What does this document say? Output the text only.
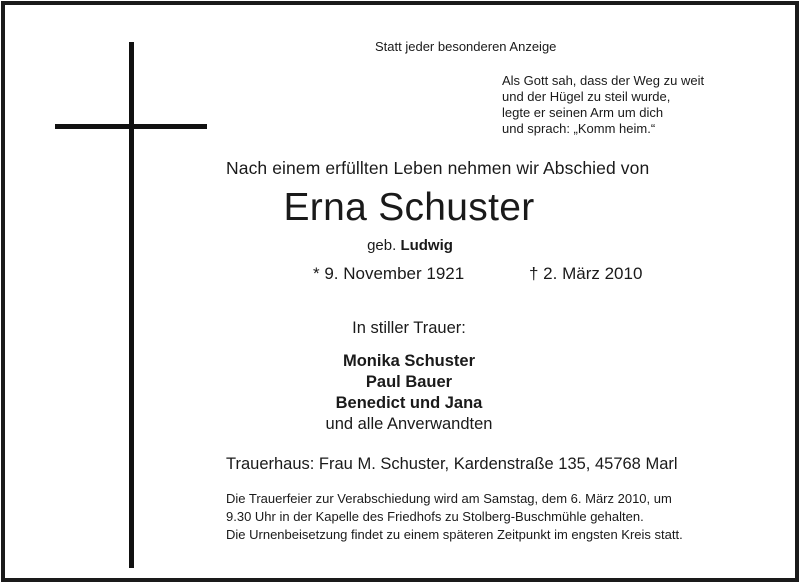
Statt jeder besonderen Anzeige
Als Gott sah, dass der Weg zu weit
und der Hügel zu steil wurde,
legte er seinen Arm um dich
und sprach: „Komm heim.“
Nach einem erfüllten Leben nehmen wir Abschied von
Erna Schuster
geb. Ludwig
* 9. November 1921	† 2. März 2010
In stiller Trauer:
Monika Schuster
Paul Bauer
Benedict und Jana
und alle Anverwandten
Trauerhaus: Frau M. Schuster, Kardenstraße 135, 45768 Marl
Die Trauerfeier zur Verabschiedung wird am Samstag, dem 6. März 2010, um
9.30 Uhr in der Kapelle des Friedhofs zu Stolberg-Buschmühle gehalten.
Die Urnenbeisetzung findet zu einem späteren Zeitpunkt im engsten Kreis statt.
